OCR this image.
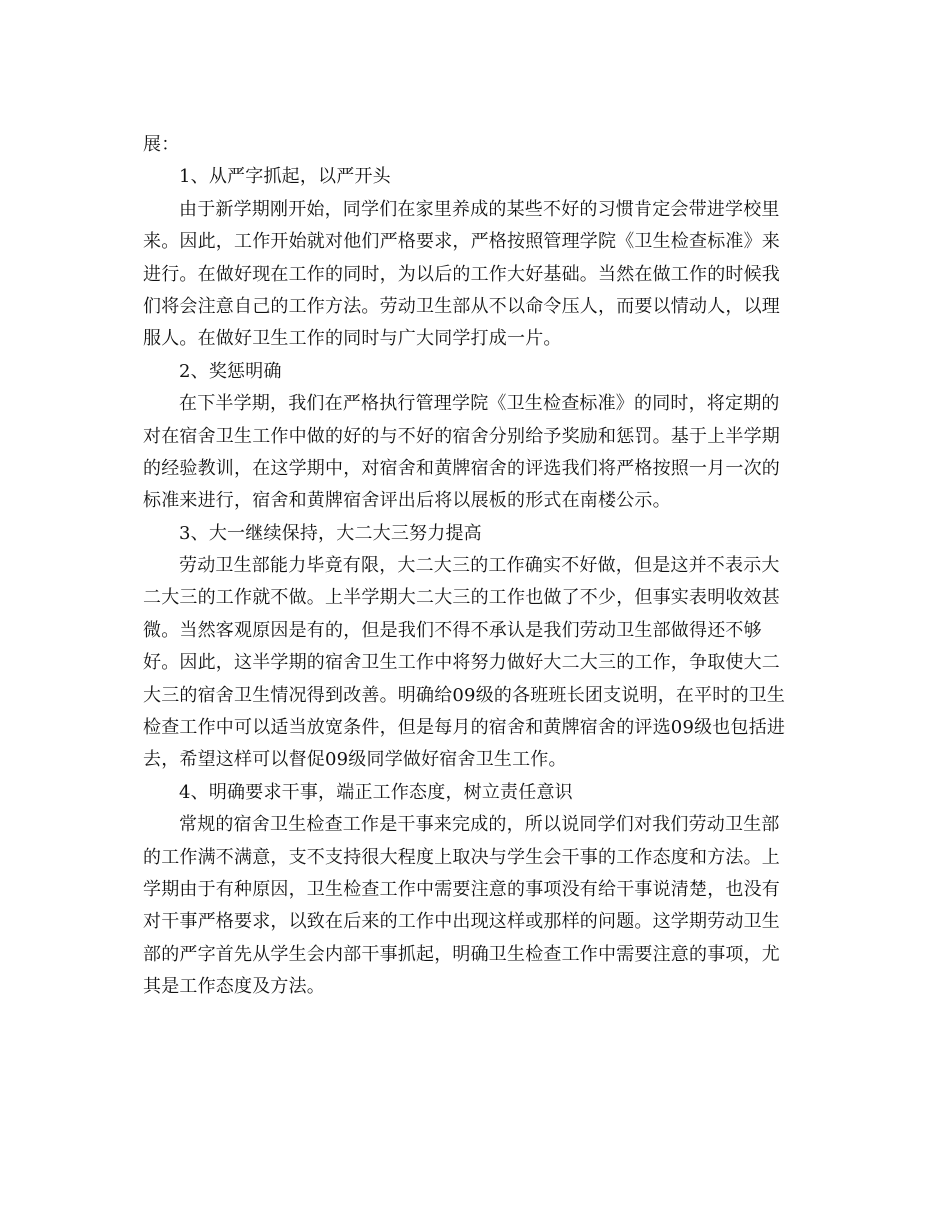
展：

1、从严字抓起，以严开头

由于新学期刚开始，同学们在家里养成的某些不好的习惯肯定会带进学校里

来。因此，工作开始就对他们严格要求，严格按照管理学院《卫生检查标准》来

进行。在做好现在工作的同时，为以后的工作大好基础。当然在做工作的时候我

们将会注意自己的工作方法。劳动卫生部从不以命令压人，而要以情动人，以理

服人。在做好卫生工作的同时与广大同学打成一片。

2、奖惩明确

在下半学期，我们在严格执行管理学院《卫生检查标准》的同时，将定期的

对在宿舍卫生工作中做的好的与不好的宿舍分别给予奖励和惩罚。基于上半学期

的经验教训，在这学期中，对宿舍和黄牌宿舍的评选我们将严格按照一月一次的

标准来进行，宿舍和黄牌宿舍评出后将以展板的形式在南楼公示。

3、大一继续保持，大二大三努力提高

劳动卫生部能力毕竟有限，大二大三的工作确实不好做，但是这并不表示大

二大三的工作就不做。上半学期大二大三的工作也做了不少，但事实表明收效甚

微。当然客观原因是有的，但是我们不得不承认是我们劳动卫生部做得还不够

好。因此，这半学期的宿舍卫生工作中将努力做好大二大三的工作，争取使大二

大三的宿舍卫生情况得到改善。明确给09级的各班班长团支说明，在平时的卫生

检查工作中可以适当放宽条件，但是每月的宿舍和黄牌宿舍的评选09级也包括进

去，希望这样可以督促09级同学做好宿舍卫生工作。

4、明确要求干事，端正工作态度，树立责任意识

常规的宿舍卫生检查工作是干事来完成的，所以说同学们对我们劳动卫生部

的工作满不满意，支不支持很大程度上取决与学生会干事的工作态度和方法。上

学期由于有种原因，卫生检查工作中需要注意的事项没有给干事说清楚，也没有

对干事严格要求，以致在后来的工作中出现这样或那样的问题。这学期劳动卫生

部的严字首先从学生会内部干事抓起，明确卫生检查工作中需要注意的事项，尤

其是工作态度及方法。
